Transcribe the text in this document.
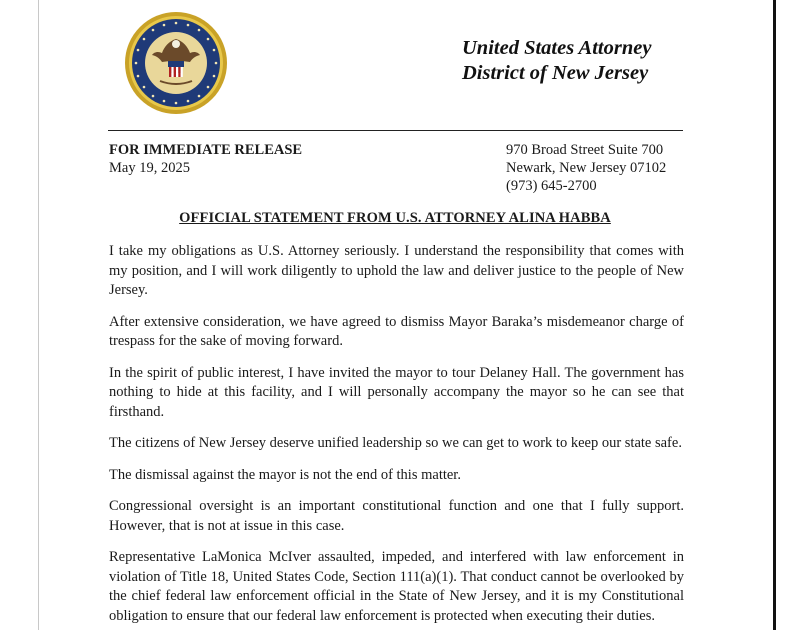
United States Attorney
District of New Jersey
FOR IMMEDIATE RELEASE
May 19, 2025
970 Broad Street Suite 700
Newark, New Jersey 07102
(973) 645-2700
OFFICIAL STATEMENT FROM U.S. ATTORNEY ALINA HABBA

I take my obligations as U.S. Attorney seriously. I understand the responsibility that comes with my position, and I will work diligently to uphold the law and deliver justice to the people of New Jersey.

After extensive consideration, we have agreed to dismiss Mayor Baraka’s misdemeanor charge of trespass for the sake of moving forward.

In the spirit of public interest, I have invited the mayor to tour Delaney Hall. The government has nothing to hide at this facility, and I will personally accompany the mayor so he can see that firsthand.

The citizens of New Jersey deserve unified leadership so we can get to work to keep our state safe.

The dismissal against the mayor is not the end of this matter.

Congressional oversight is an important constitutional function and one that I fully support. However, that is not at issue in this case.

Representative LaMonica McIver assaulted, impeded, and interfered with law enforcement in violation of Title 18, United States Code, Section 111(a)(1). That conduct cannot be overlooked by the chief federal law enforcement official in the State of New Jersey, and it is my Constitutional obligation to ensure that our federal law enforcement is protected when executing their duties.
